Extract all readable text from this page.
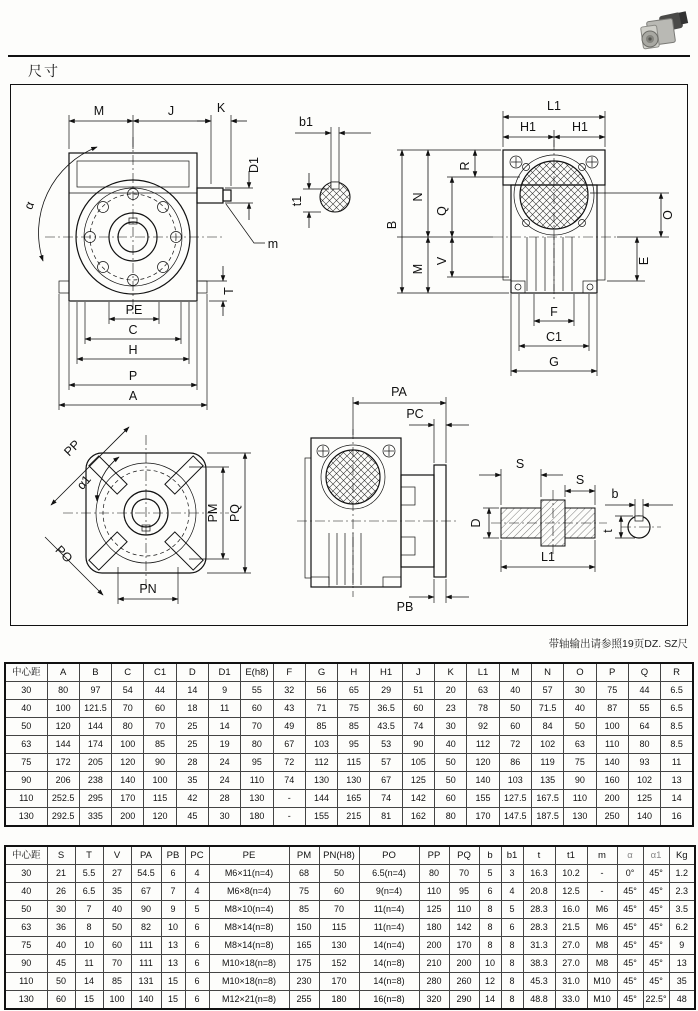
尺寸
M	J	K
D1
m
α
T
PE
C
H
P
A
b1
t1
L1
H1	H1
B
N
Q
R
M
V
O
E
F
C1
G
PP
α1
PM PQ
PO
PN
PA
PC
PB
S
S
D
L1
b
t
带轴输出请参照19页DZ. SZ尺
中心距	A	B	C	C1	D	D1	E(h8)	F	G	H	H1	J	K	L1	M	N	O	P	Q	R
30	80	97	54	44	14	9	55	32	56	65	29	51	20	63	40	57	30	75	44	6.5
40	100	121.5	70	60	18	11	60	43	71	75	36.5	60	23	78	50	71.5	40	87	55	6.5
50	120	144	80	70	25	14	70	49	85	85	43.5	74	30	92	60	84	50	100	64	8.5
63	144	174	100	85	25	19	80	67	103	95	53	90	40	112	72	102	63	110	80	8.5
75	172	205	120	90	28	24	95	72	112	115	57	105	50	120	86	119	75	140	93	11
90	206	238	140	100	35	24	110	74	130	130	67	125	50	140	103	135	90	160	102	13
110	252.5	295	170	115	42	28	130	-	144	165	74	142	60	155	127.5	167.5	110	200	125	14
130	292.5	335	200	120	45	30	180	-	155	215	81	162	80	170	147.5	187.5	130	250	140	16
中心距	S	T	V	PA	PB	PC	PE	PM	PN(H8)	PO	PP	PQ	b	b1	t	t1	m	α	α1	Kg
30	21	5.5	27	54.5	6	4	M6×11(n=4)	68	50	6.5(n=4)	80	70	5	3	16.3	10.2	-	0°	45°	1.2
40	26	6.5	35	67	7	4	M6×8(n=4)	75	60	9(n=4)	110	95	6	4	20.8	12.5	-	45°	45°	2.3
50	30	7	40	90	9	5	M8×10(n=4)	85	70	11(n=4)	125	110	8	5	28.3	16.0	M6	45°	45°	3.5
63	36	8	50	82	10	6	M8×14(n=8)	150	115	11(n=4)	180	142	8	6	28.3	21.5	M6	45°	45°	6.2
75	40	10	60	111	13	6	M8×14(n=8)	165	130	14(n=4)	200	170	8	8	31.3	27.0	M8	45°	45°	9
90	45	11	70	111	13	6	M10×18(n=8)	175	152	14(n=8)	210	200	10	8	38.3	27.0	M8	45°	45°	13
110	50	14	85	131	15	6	M10×18(n=8)	230	170	14(n=8)	280	260	12	8	45.3	31.0	M10	45°	45°	35
130	60	15	100	140	15	6	M12×21(n=8)	255	180	16(n=8)	320	290	14	8	48.8	33.0	M10	45°	22.5°	48
